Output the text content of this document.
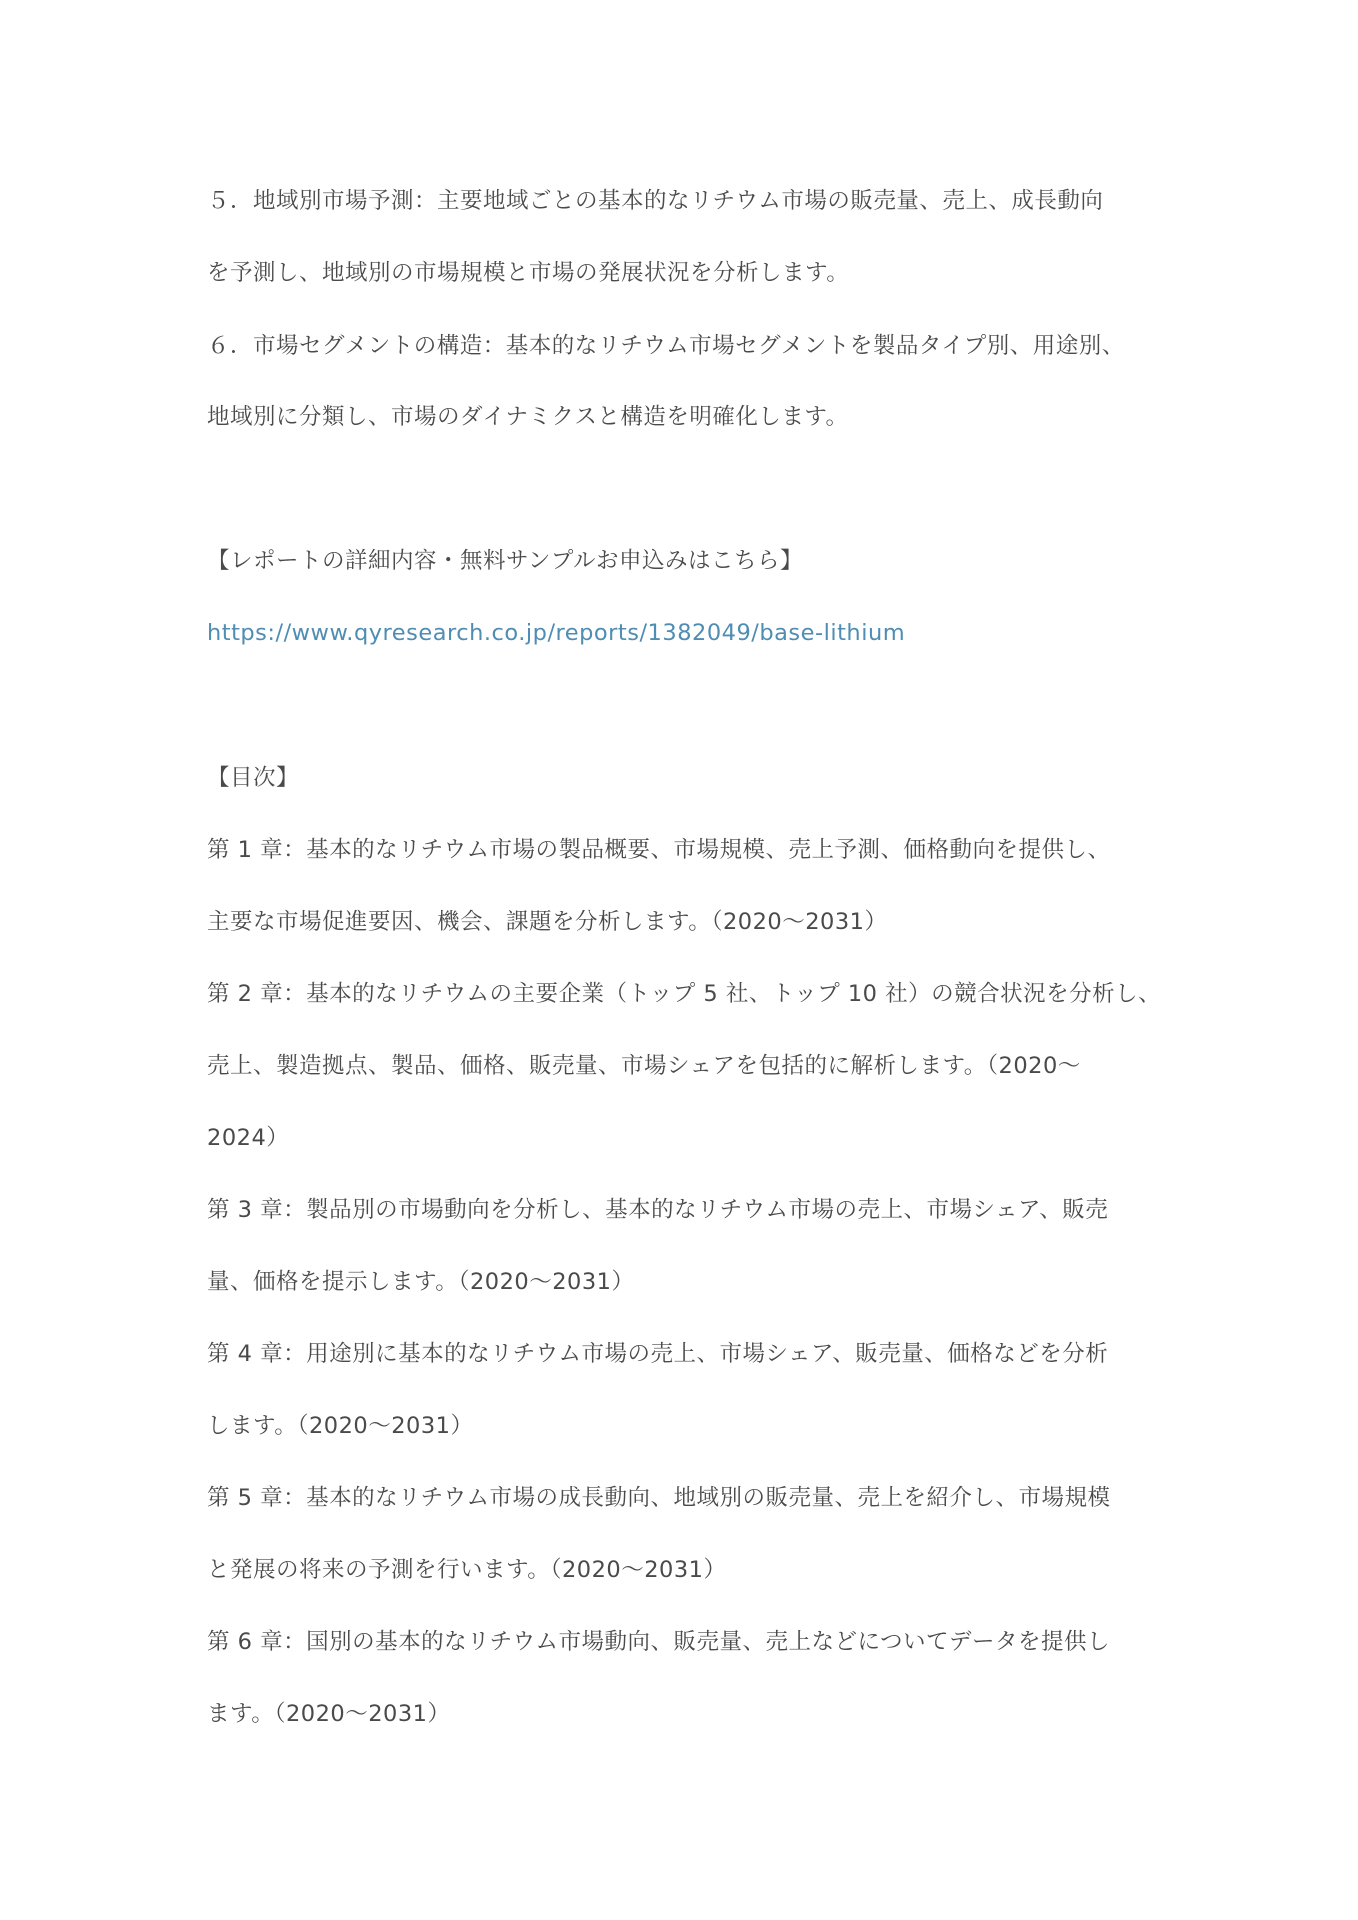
５．地域別市場予測：主要地域ごとの基本的なリチウム市場の販売量、売上、成長動向
を予測し、地域別の市場規模と市場の発展状況を分析します。
６．市場セグメントの構造：基本的なリチウム市場セグメントを製品タイプ別、用途別、
地域別に分類し、市場のダイナミクスと構造を明確化します。
【レポートの詳細内容・無料サンプルお申込みはこちら】
https://www.qyresearch.co.jp/reports/1382049/base-lithium
【目次】
第 1 章：基本的なリチウム市場の製品概要、市場規模、売上予測、価格動向を提供し、
主要な市場促進要因、機会、課題を分析します。（2020～2031）
第 2 章：基本的なリチウムの主要企業（トップ 5 社、トップ 10 社）の競合状況を分析し、
売上、製造拠点、製品、価格、販売量、市場シェアを包括的に解析します。（2020～
2024）
第 3 章：製品別の市場動向を分析し、基本的なリチウム市場の売上、市場シェア、販売
量、価格を提示します。（2020～2031）
第 4 章：用途別に基本的なリチウム市場の売上、市場シェア、販売量、価格などを分析
します。（2020～2031）
第 5 章：基本的なリチウム市場の成長動向、地域別の販売量、売上を紹介し、市場規模
と発展の将来の予測を行います。（2020～2031）
第 6 章：国別の基本的なリチウム市場動向、販売量、売上などについてデータを提供し
ます。（2020～2031）
